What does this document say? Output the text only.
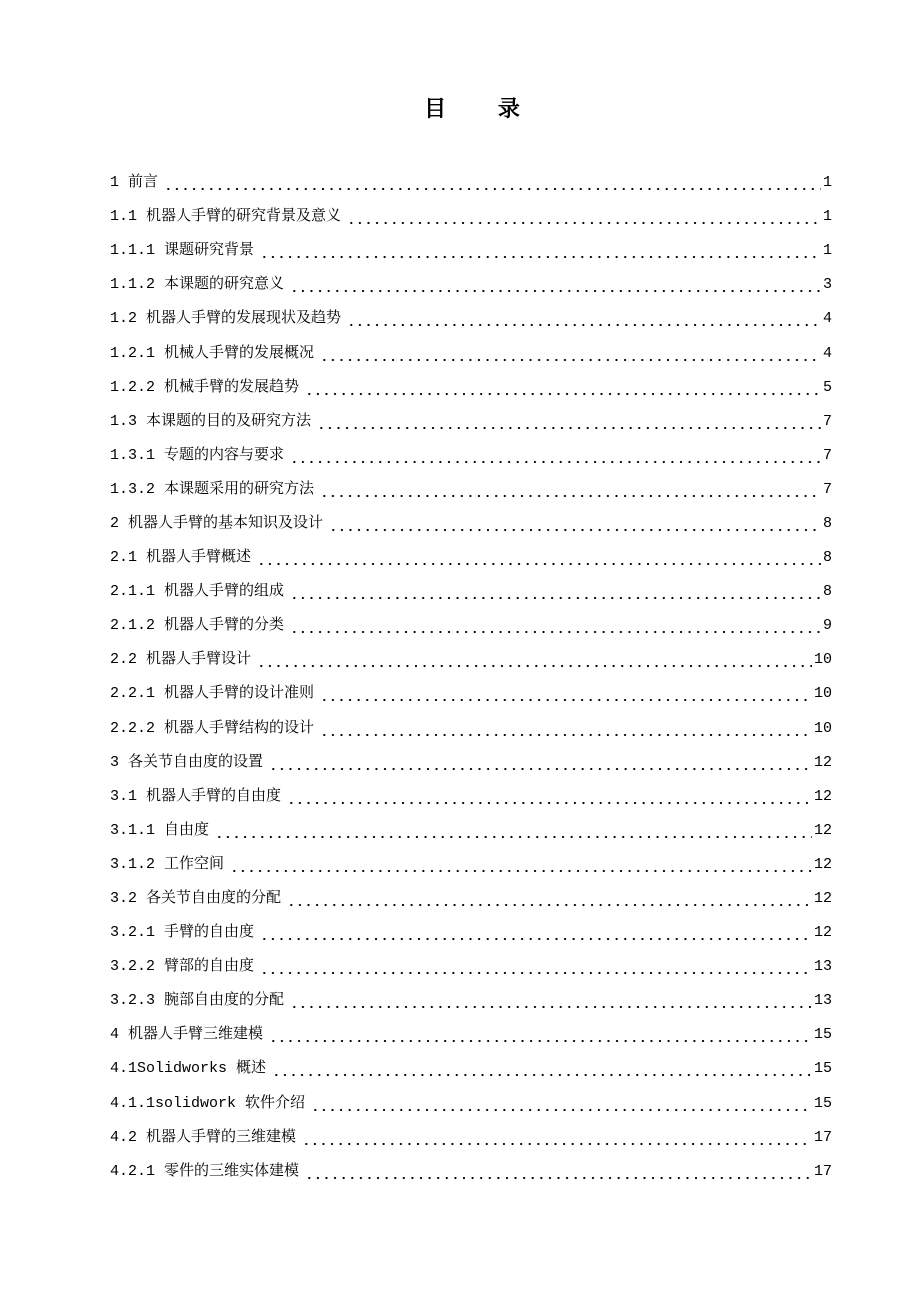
目 录
1 前言	1
1.1 机器人手臂的研究背景及意义	1
1.1.1 课题研究背景	1
1.1.2 本课题的研究意义	3
1.2 机器人手臂的发展现状及趋势	4
1.2.1 机械人手臂的发展概况	4
1.2.2 机械手臂的发展趋势	5
1.3 本课题的目的及研究方法	7
1.3.1 专题的内容与要求	7
1.3.2 本课题采用的研究方法	7
2 机器人手臂的基本知识及设计	8
2.1 机器人手臂概述	8
2.1.1 机器人手臂的组成	8
2.1.2 机器人手臂的分类	9
2.2 机器人手臂设计	10
2.2.1 机器人手臂的设计准则	10
2.2.2 机器人手臂结构的设计	10
3 各关节自由度的设置	12
3.1 机器人手臂的自由度	12
3.1.1 自由度	12
3.1.2 工作空间	12
3.2 各关节自由度的分配	12
3.2.1 手臂的自由度	12
3.2.2 臂部的自由度	13
3.2.3 腕部自由度的分配	13
4 机器人手臂三维建模	15
4.1Solidworks 概述	15
4.1.1solidwork 软件介绍	15
4.2 机器人手臂的三维建模	17
4.2.1 零件的三维实体建模	17
